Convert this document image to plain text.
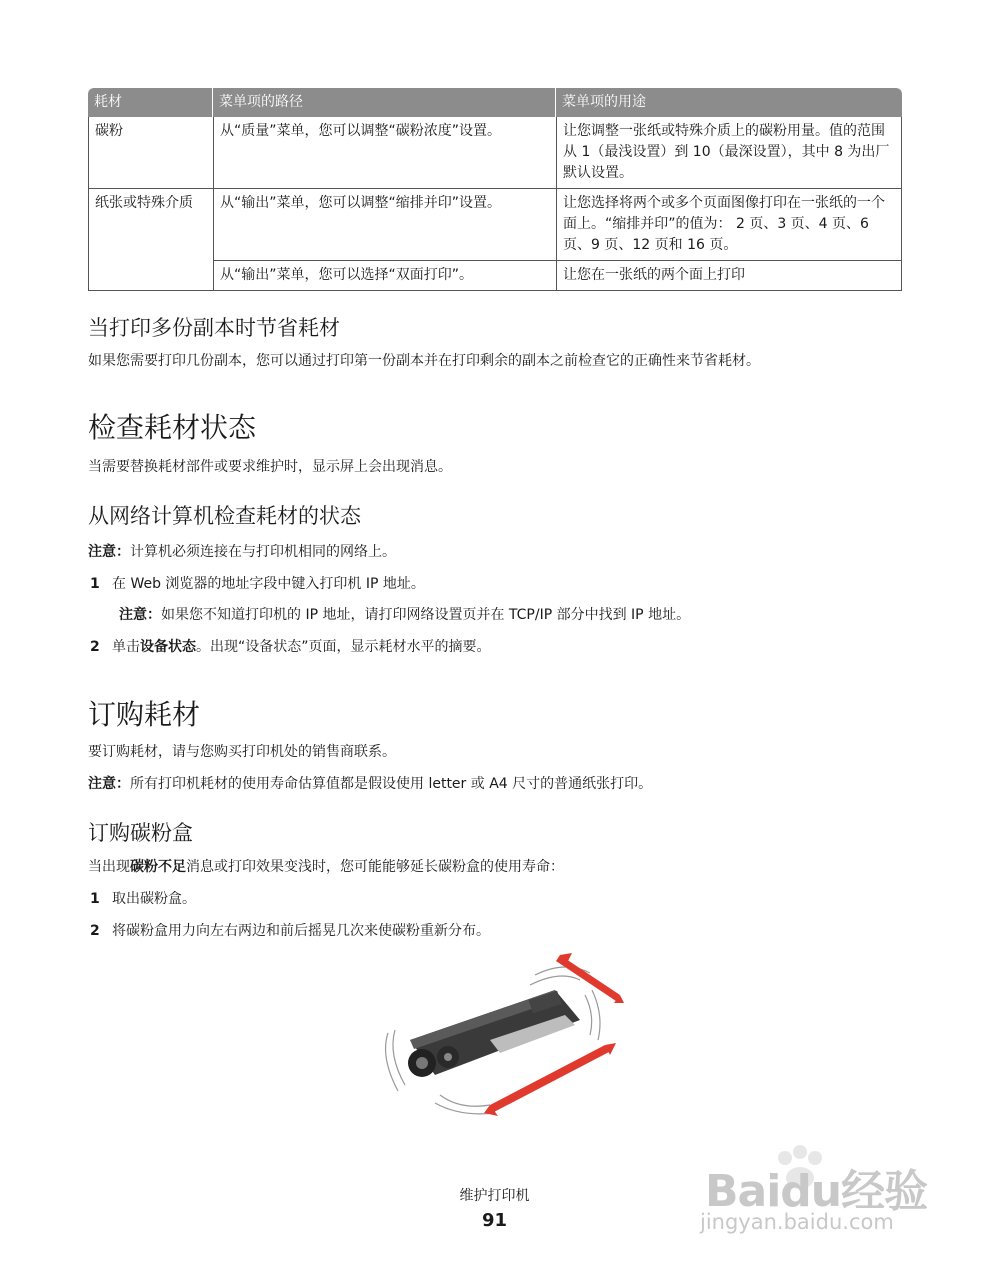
耗材	菜单项的路径	菜单项的用途
碳粉	从“质量”菜单，您可以调整“碳粉浓度”设置。	让您调整一张纸或特殊介质上的碳粉用量。值的范围从 1（最浅设置）到 10（最深设置），其中 8 为出厂默认设置。
纸张或特殊介质	从“输出”菜单，您可以调整“缩排并印”设置。	让您选择将两个或多个页面图像打印在一张纸的一个面上。“缩排并印”的值为： 2 页、3 页、4 页、6 页、9 页、12 页和 16 页。
	从“输出”菜单，您可以选择“双面打印”。	让您在一张纸的两个面上打印
当打印多份副本时节省耗材

如果您需要打印几份副本，您可以通过打印第一份副本并在打印剩余的副本之前检查它的正确性来节省耗材。

检查耗材状态

当需要替换耗材部件或要求维护时，显示屏上会出现消息。

从网络计算机检查耗材的状态

注意：计算机必须连接在与打印机相同的网络上。

1 在 Web 浏览器的地址字段中键入打印机 IP 地址。

注意：如果您不知道打印机的 IP 地址，请打印网络设置页并在 TCP/IP 部分中找到 IP 地址。

2 单击设备状态。出现“设备状态”页面，显示耗材水平的摘要。

订购耗材

要订购耗材，请与您购买打印机处的销售商联系。

注意：所有打印机耗材的使用寿命估算值都是假设使用 letter 或 A4 尺寸的普通纸张打印。

订购碳粉盒

当出现碳粉不足消息或打印效果变浅时，您可能能够延长碳粉盒的使用寿命：

1 取出碳粉盒。

2 将碳粉盒用力向左右两边和前后摇晃几次来使碳粉重新分布。

维护打印机
91
Baidu经验
jingyan.baidu.com
